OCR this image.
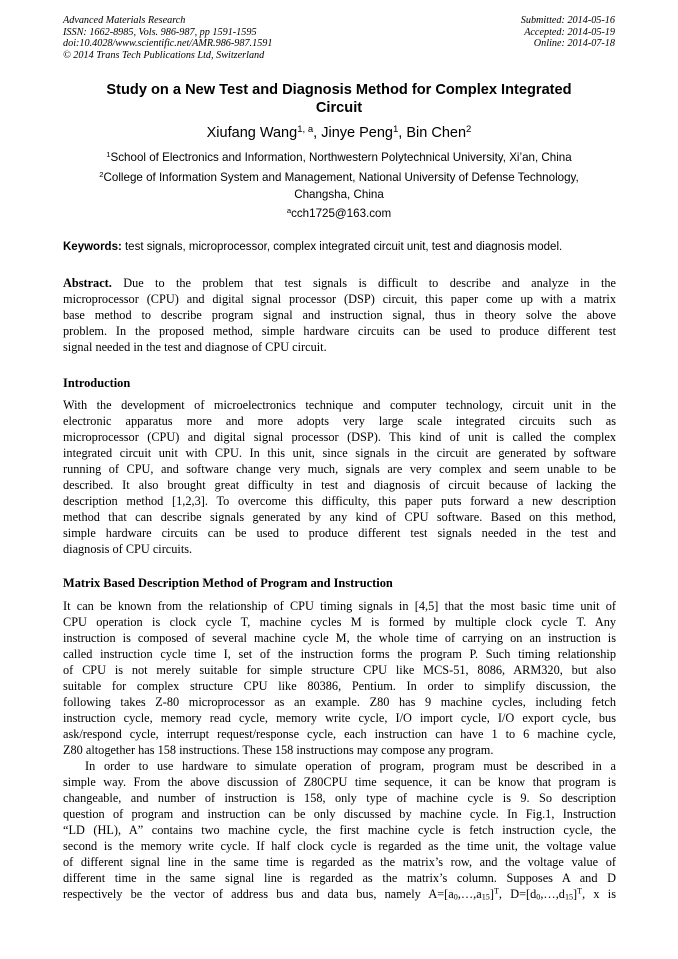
Advanced Materials Research
ISSN: 1662-8985, Vols. 986-987, pp 1591-1595
doi:10.4028/www.scientific.net/AMR.986-987.1591
© 2014 Trans Tech Publications Ltd, Switzerland
Submitted: 2014-05-16
Accepted: 2014-05-19
Online: 2014-07-18
Study on a New Test and Diagnosis Method for Complex Integrated
Circuit
Xiufang Wang$^{1, a}$, Jinye Peng$^1$, Bin Chen$^2$
$^1$School of Electronics and Information, Northwestern Polytechnical University, Xi’an, China
$^2$College of Information System and Management, National University of Defense Technology,
Changsha, China
$^a$cch1725@163.com
Keywords: test signals, microprocessor, complex integrated circuit unit, test and diagnosis model.
Abstract. Due to the problem that test signals is difficult to describe and analyze in the
microprocessor (CPU) and digital signal processor (DSP) circuit, this paper come up with a matrix
base method to describe program signal and instruction signal, thus in theory solve the above
problem. In the proposed method, simple hardware circuits can be used to produce different test
signal needed in the test and diagnose of CPU circuit.
Introduction
With the development of microelectronics technique and computer technology, circuit unit in the
electronic apparatus more and more adopts very large scale integrated circuits such as
microprocessor (CPU) and digital signal processor (DSP). This kind of unit is called the complex
integrated circuit unit with CPU. In this unit, since signals in the circuit are generated by software
running of CPU, and software change very much, signals are very complex and seem unable to be
described. It also brought great difficulty in test and diagnosis of circuit because of lacking the
description method [1,2,3]. To overcome this difficulty, this paper puts forward a new description
method that can describe signals generated by any kind of CPU software. Based on this method,
simple hardware circuits can be used to produce different test signals needed in the test and
diagnosis of CPU circuits.
Matrix Based Description Method of Program and Instruction
It can be known from the relationship of CPU timing signals in [4,5] that the most basic time unit of
CPU operation is clock cycle T, machine cycles M is formed by multiple clock cycle T. Any
instruction is composed of several machine cycle M, the whole time of carrying on an instruction is
called instruction cycle time I, set of the instruction forms the program P. Such timing relationship
of CPU is not merely suitable for simple structure CPU like MCS-51, 8086, ARM320, but also
suitable for complex structure CPU like 80386, Pentium. In order to simplify discussion, the
following takes Z-80 microprocessor as an example. Z80 has 9 machine cycles, including fetch
instruction cycle, memory read cycle, memory write cycle, I/O import cycle, I/O export cycle, bus
ask/respond cycle, interrupt request/response cycle, each instruction can have 1 to 6 machine cycle,
Z80 altogether has 158 instructions. These 158 instructions may compose any program.
In order to use hardware to simulate operation of program, program must be described in a
simple way. From the above discussion of Z80CPU time sequence, it can be know that program is
changeable, and number of instruction is 158, only type of machine cycle is 9. So description
question of program and instruction can be only discussed by machine cycle. In Fig.1, Instruction
“LD (HL), A” contains two machine cycle, the first machine cycle is fetch instruction cycle, the
second is the memory write cycle. If half clock cycle is regarded as the time unit, the voltage value
of different signal line in the same time is regarded as the matrix’s row, and the voltage value of
different time in the same signal line is regarded as the matrix’s column. Supposes A and D
respectively be the vector of address bus and data bus, namely $A=[a_0,\dots,a_{15}]^T$, $D=[d_0,\dots,d_{15}]^T$, x is
